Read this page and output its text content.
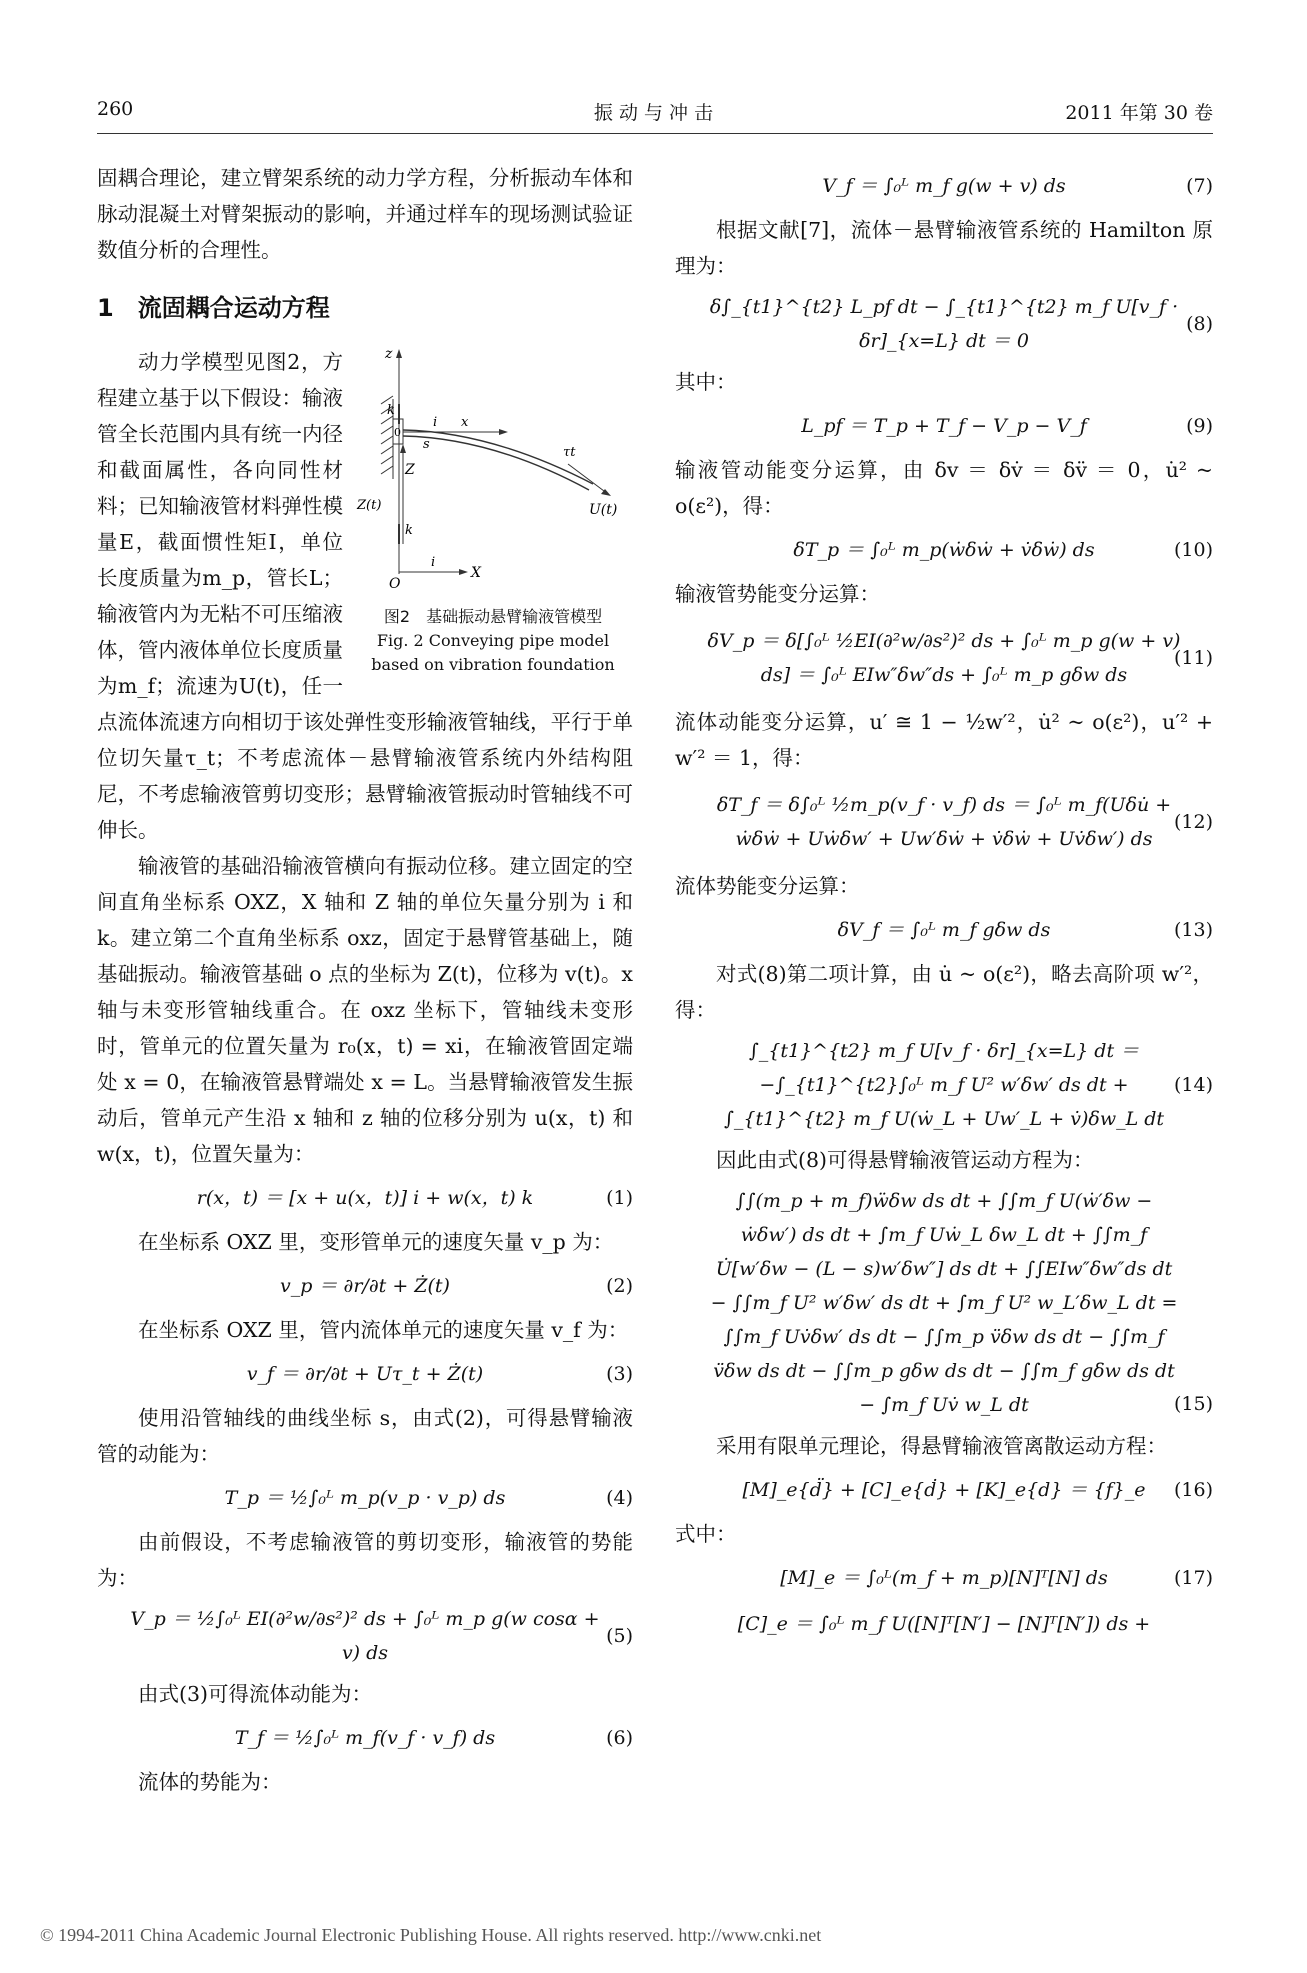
260	振 动 与 冲 击	2011 年第 30 卷

固耦合理论，建立臂架系统的动力学方程，分析振动车体和脉动混凝土对臂架振动的影响，并通过样车的现场测试验证数值分析的合理性。

1　流固耦合运动方程
z
k
0
i x
s
Z
Z(t)
k
i
O
X
τt
U(t)
图2　基础振动悬臂输液管模型
Fig. 2 Conveying pipe model
based on vibration foundation

动力学模型见图2，方程建立基于以下假设：输液管全长范围内具有统一内径和截面属性，各向同性材料；已知输液管材料弹性模量E，截面惯性矩I，单位长度质量为m_p，管长L；输液管内为无粘不可压缩液体，管内液体单位长度质量为m_f；流速为U(t)，任一点流体流速方向相切于该处弹性变形输液管轴线，平行于单位切矢量τ_t；不考虑流体－悬臂输液管系统内外结构阻尼，不考虑输液管剪切变形；悬臂输液管振动时管轴线不可伸长。

输液管的基础沿输液管横向有振动位移。建立固定的空间直角坐标系 OXZ，X 轴和 Z 轴的单位矢量分别为 i 和 k。建立第二个直角坐标系 oxz，固定于悬臂管基础上，随基础振动。输液管基础 o 点的坐标为 Z(t)，位移为 v(t)。x 轴与未变形管轴线重合。在 oxz 坐标下，管轴线未变形时，管单元的位置矢量为 r₀(x，t) = xi，在输液管固定端处 x = 0，在输液管悬臂端处 x = L。当悬臂输液管发生振动后，管单元产生沿 x 轴和 z 轴的位移分别为 u(x，t) 和 w(x，t)，位置矢量为：

r(x，t) ＝ [x + u(x，t)] i + w(x，t) k	(1)

在坐标系 OXZ 里，变形管单元的速度矢量 v_p 为：

v_p ＝ ∂r/∂t + Ż(t)	(2)

在坐标系 OXZ 里，管内流体单元的速度矢量 v_f 为：

v_f ＝ ∂r/∂t + Uτ_t + Ż(t)	(3)

使用沿管轴线的曲线坐标 s，由式(2)，可得悬臂输液管的动能为：

T_p ＝ ½∫₀ᴸ m_p(v_p · v_p) ds	(4)

由前假设，不考虑输液管的剪切变形，输液管的势能为：

V_p ＝ ½∫₀ᴸ EI(∂²w/∂s²)² ds + ∫₀ᴸ m_p g(w cosα + v) ds
(5)

由式(3)可得流体动能为：

T_f ＝ ½∫₀ᴸ m_f(v_f · v_f) ds	(6)

流体的势能为：

V_f ＝ ∫₀ᴸ m_f g(w + v) ds	(7)

根据文献[7]，流体－悬臂输液管系统的 Hamilton 原理为：

δ∫_{t1}^{t2} L_pf dt − ∫_{t1}^{t2} m_f U[v_f · δr]_{x=L} dt ＝ 0
(8)

其中：

L_pf ＝ T_p + T_f − V_p − V_f	(9)

输液管动能变分运算，由 δv ＝ δv̇ ＝ δv̈ ＝ 0，u̇² ~ o(ε²)，得：

δT_p ＝ ∫₀ᴸ m_p(ẇδẇ + v̇δẇ) ds	(10)

输液管势能变分运算：

δV_p ＝ δ[∫₀ᴸ ½EI(∂²w/∂s²)² ds + ∫₀ᴸ m_p g(w + v) ds] ＝ ∫₀ᴸ EIw″δw″ds + ∫₀ᴸ m_p gδw ds
(11)

流体动能变分运算，u′ ≅ 1 − ½w′²，u̇² ~ o(ε²)，u′² + w′² ＝ 1，得：

δT_f ＝ δ∫₀ᴸ ½m_p(v_f · v_f) ds ＝ ∫₀ᴸ m_f(Uδu̇ + ẇδẇ + Uẇδw′ + Uw′δẇ + v̇δẇ + Uv̇δw′) ds
(12)

流体势能变分运算：

δV_f ＝ ∫₀ᴸ m_f gδw ds	(13)

对式(8)第二项计算，由 u̇ ~ o(ε²)，略去高阶项 w′²，得：

∫_{t1}^{t2} m_f U[v_f · δr]_{x=L} dt ＝ −∫_{t1}^{t2}∫₀ᴸ m_f U² w′δw′ ds dt + ∫_{t1}^{t2} m_f U(ẇ_L + Uw′_L + v̇)δw_L dt
(14)

因此由式(8)可得悬臂输液管运动方程为：

∫∫(m_p + m_f)ẅδw ds dt + ∫∫m_f U(ẇ′δw − ẇδw′) ds dt + ∫m_f Uẇ_L δw_L dt + ∫∫m_f U̇[w′δw − (L − s)w′δw″] ds dt + ∫∫EIw″δw″ds dt − ∫∫m_f U² w′δw′ ds dt + ∫m_f U² w_L′δw_L dt = ∫∫m_f Uv̇δw′ ds dt − ∫∫m_p v̈δw ds dt − ∫∫m_f v̈δw ds dt − ∫∫m_p gδw ds dt − ∫∫m_f gδw ds dt − ∫m_f Uv̇ w_L dt	(15)

采用有限单元理论，得悬臂输液管离散运动方程：

[M]_e{d̈} + [C]_e{ḋ} + [K]_e{d} ＝ {f}_e (16)

式中：

[M]_e ＝ ∫₀ᴸ(m_f + m_p)[N]ᵀ[N] ds	(17)
[C]_e ＝ ∫₀ᴸ m_f U([N]ᵀ[N′] − [N]ᵀ[N′]) ds +
© 1994-2011 China Academic Journal Electronic Publishing House. All rights reserved. http://www.cnki.net
